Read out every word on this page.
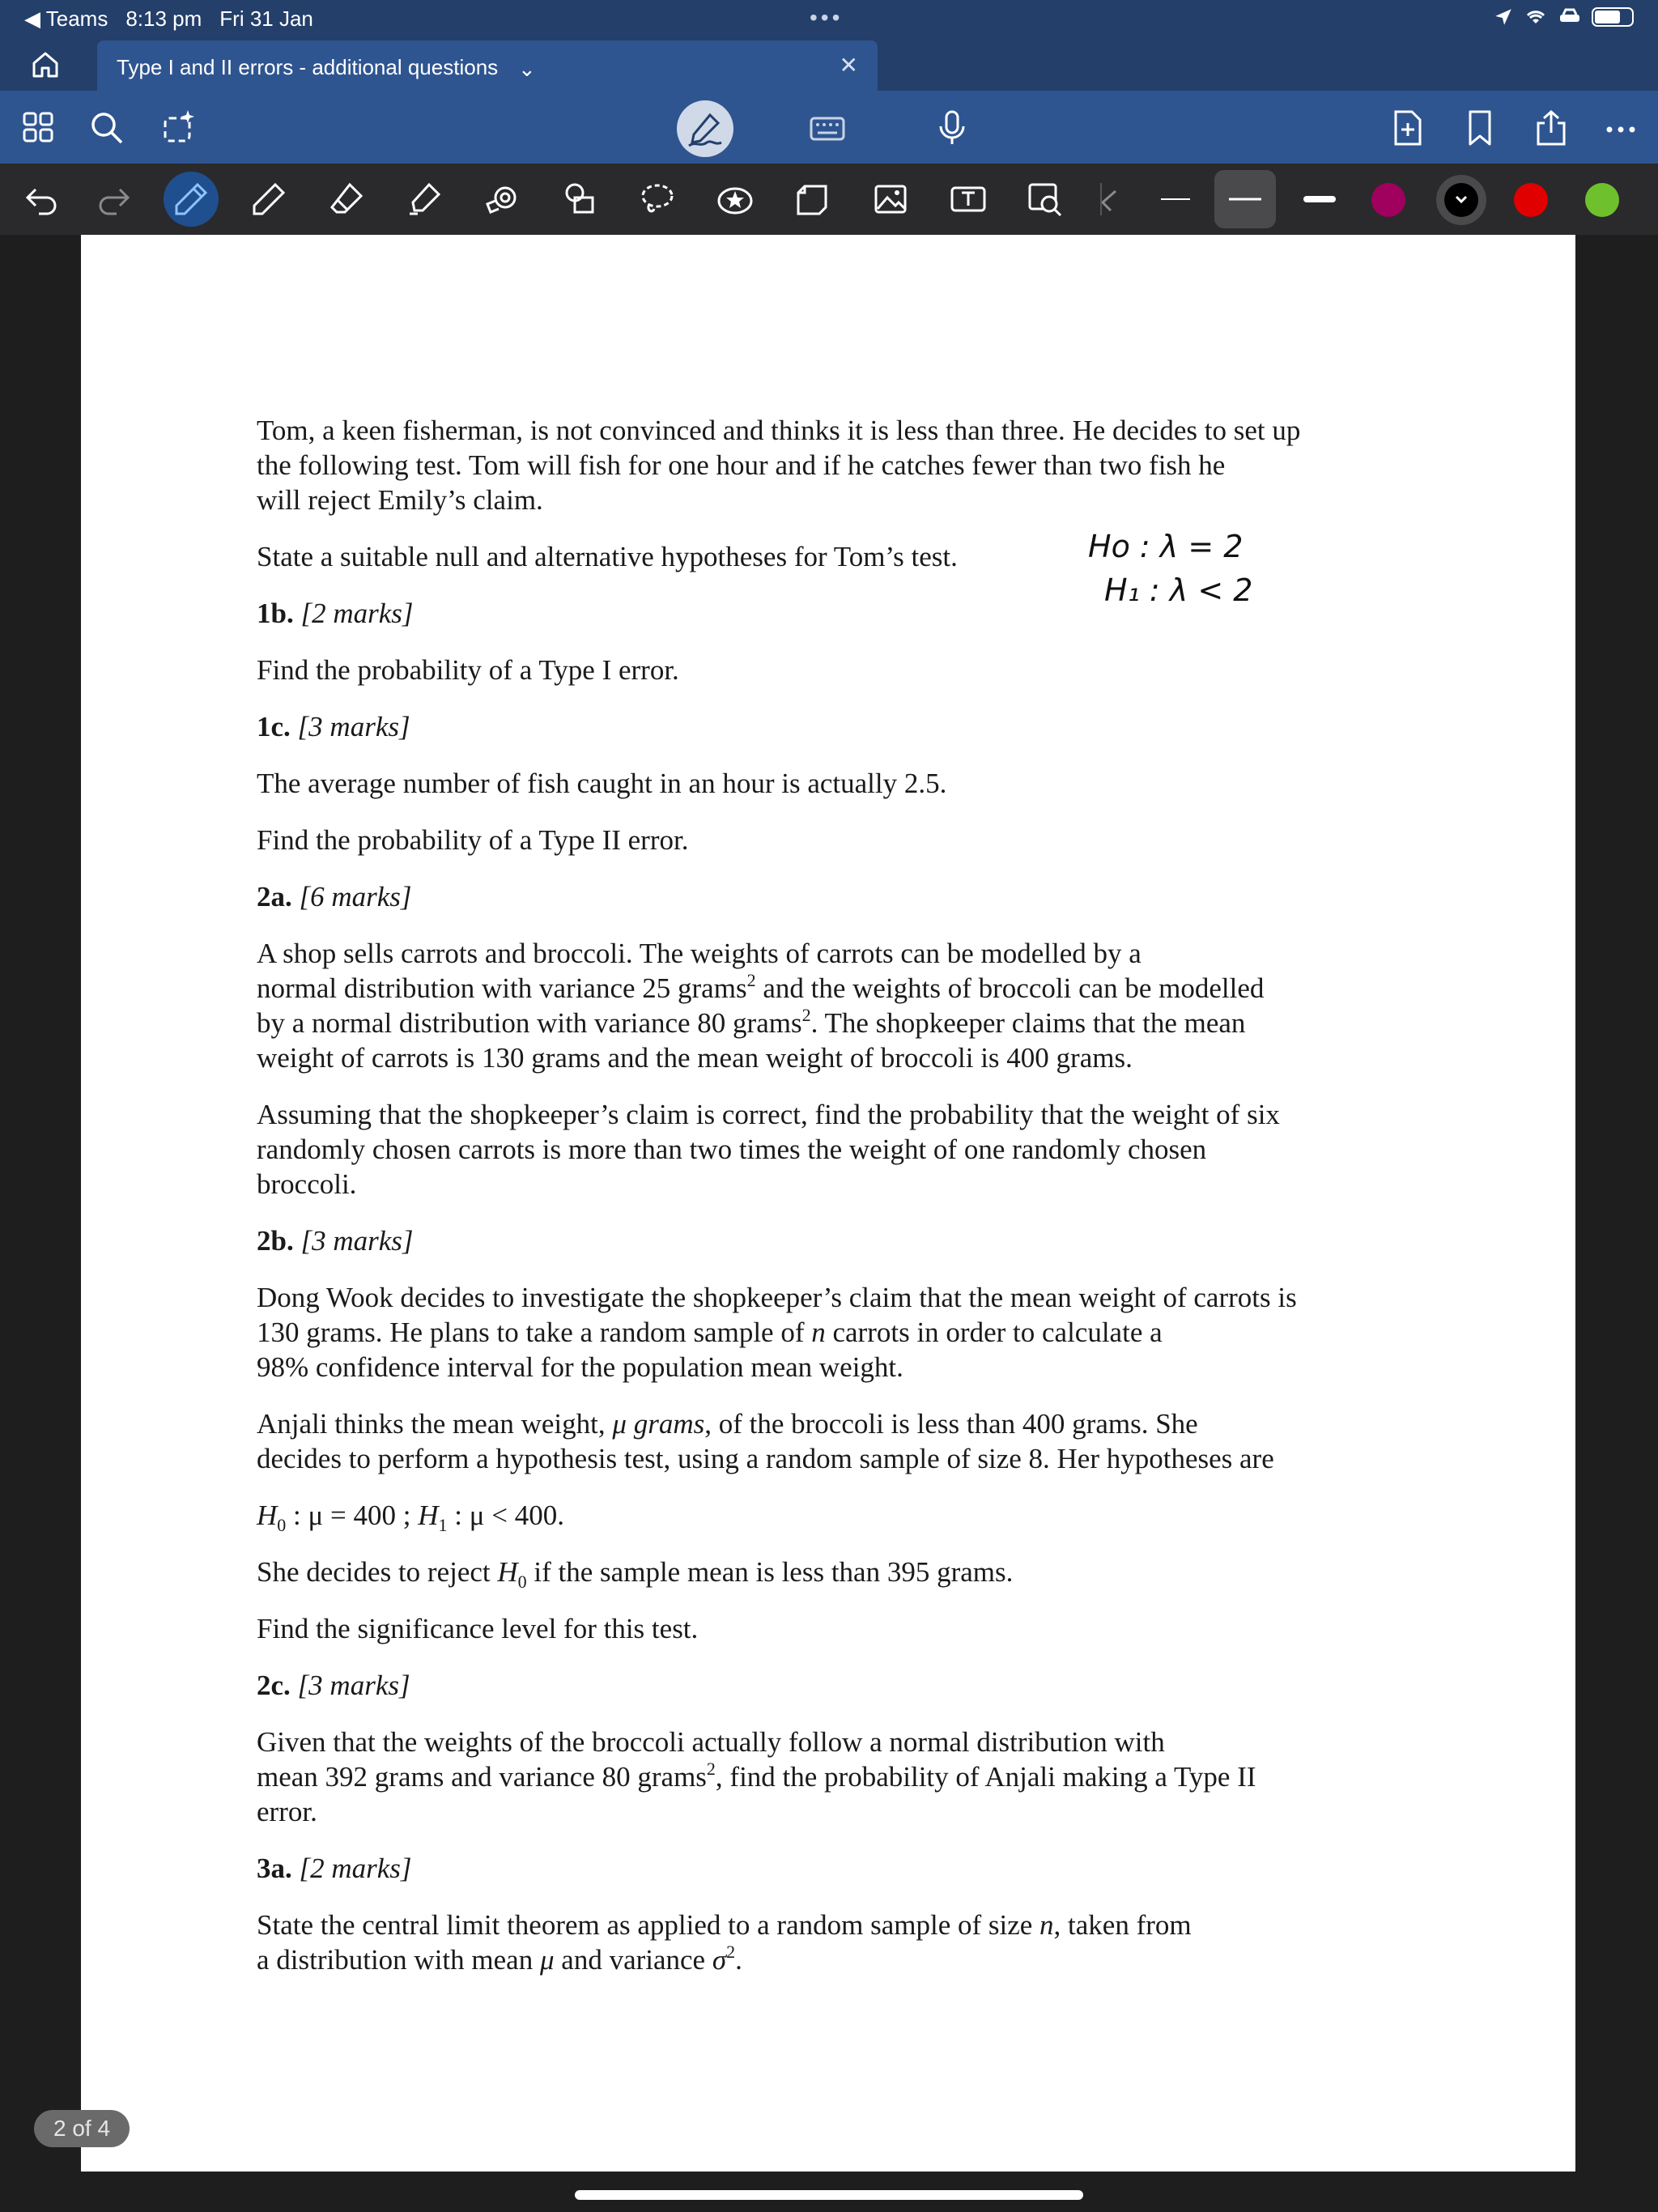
◀ Teams 8:13 pm Fri 31 Jan	•••
Type I and II errors - additional questions ⌄	✕

Tom, a keen fisherman, is not convinced and thinks it is less than three. He decides to set up
the following test. Tom will fish for one hour and if he catches fewer than two fish he
will reject Emily’s claim.

State a suitable null and alternative hypotheses for Tom’s test.

1b. [2 marks]

Find the probability of a Type I error.

1c. [3 marks]

The average number of fish caught in an hour is actually 2.5.

Find the probability of a Type II error.

2a. [6 marks]

A shop sells carrots and broccoli. The weights of carrots can be modelled by a
normal distribution with variance 25 grams$^2$ and the weights of broccoli can be modelled
by a normal distribution with variance 80 grams$^2$. The shopkeeper claims that the mean
weight of carrots is 130 grams and the mean weight of broccoli is 400 grams.

Assuming that the shopkeeper’s claim is correct, find the probability that the weight of six
randomly chosen carrots is more than two times the weight of one randomly chosen
broccoli.

2b. [3 marks]

Dong Wook decides to investigate the shopkeeper’s claim that the mean weight of carrots is
130 grams. He plans to take a random sample of n carrots in order to calculate a
98% confidence interval for the population mean weight.

Anjali thinks the mean weight, μ grams, of the broccoli is less than 400 grams. She
decides to perform a hypothesis test, using a random sample of size 8. Her hypotheses are

$H_0$ : μ = 400 ; $H_1$ : μ < 400.

She decides to reject $H_0$ if the sample mean is less than 395 grams.

Find the significance level for this test.

2c. [3 marks]

Given that the weights of the broccoli actually follow a normal distribution with
mean 392 grams and variance 80 grams$^2$, find the probability of Anjali making a Type II
error.

3a. [2 marks]

State the central limit theorem as applied to a random sample of size n, taken from
a distribution with mean μ and variance $\sigma^2$.

Ho : λ = 2
H₁ : λ < 2
2 of 4
